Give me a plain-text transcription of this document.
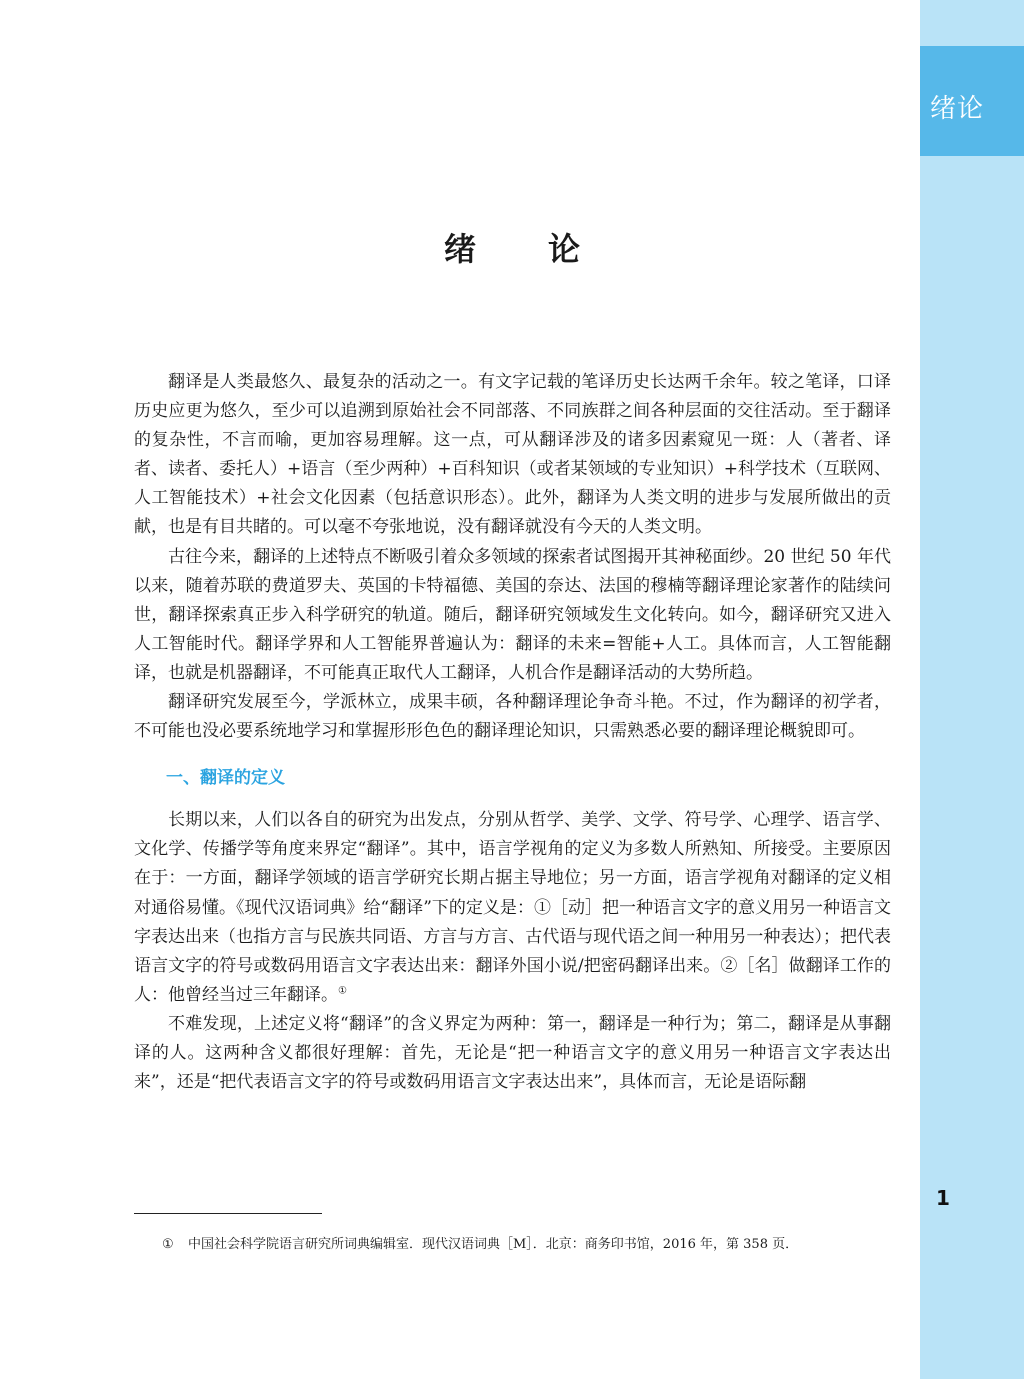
绪论
绪论

翻译是人类最悠久、最复杂的活动之一。有文字记载的笔译历史长达两千余年。较之笔译，口译历史应更为悠久，至少可以追溯到原始社会不同部落、不同族群之间各种层面的交往活动。至于翻译的复杂性，不言而喻，更加容易理解。这一点，可从翻译涉及的诸多因素窥见一斑：人（著者、译者、读者、委托人）+语言（至少两种）+百科知识（或者某领域的专业知识）+科学技术（互联网、人工智能技术）+社会文化因素（包括意识形态）。此外，翻译为人类文明的进步与发展所做出的贡献，也是有目共睹的。可以毫不夸张地说，没有翻译就没有今天的人类文明。

古往今来，翻译的上述特点不断吸引着众多领域的探索者试图揭开其神秘面纱。20 世纪 50 年代以来，随着苏联的费道罗夫、英国的卡特福德、美国的奈达、法国的穆楠等翻译理论家著作的陆续问世，翻译探索真正步入科学研究的轨道。随后，翻译研究领域发生文化转向。如今，翻译研究又进入人工智能时代。翻译学界和人工智能界普遍认为：翻译的未来=智能+人工。具体而言，人工智能翻译，也就是机器翻译，不可能真正取代人工翻译，人机合作是翻译活动的大势所趋。

翻译研究发展至今，学派林立，成果丰硕，各种翻译理论争奇斗艳。不过，作为翻译的初学者，不可能也没必要系统地学习和掌握形形色色的翻译理论知识，只需熟悉必要的翻译理论概貌即可。

一、翻译的定义

长期以来，人们以各自的研究为出发点，分别从哲学、美学、文学、符号学、心理学、语言学、文化学、传播学等角度来界定“翻译”。其中，语言学视角的定义为多数人所熟知、所接受。主要原因在于：一方面，翻译学领域的语言学研究长期占据主导地位；另一方面，语言学视角对翻译的定义相对通俗易懂。《现代汉语词典》给“翻译”下的定义是：①［动］把一种语言文字的意义用另一种语言文字表达出来（也指方言与民族共同语、方言与方言、古代语与现代语之间一种用另一种表达）；把代表语言文字的符号或数码用语言文字表达出来：翻译外国小说/把密码翻译出来。②［名］做翻译工作的人：他曾经当过三年翻译。①

不难发现，上述定义将“翻译”的含义界定为两种：第一，翻译是一种行为；第二，翻译是从事翻译的人。这两种含义都很好理解：首先，无论是“把一种语言文字的意义用另一种语言文字表达出来”，还是“把代表语言文字的符号或数码用语言文字表达出来”，具体而言，无论是语际翻

① 中国社会科学院语言研究所词典编辑室．现代汉语词典［M］．北京：商务印书馆，2016 年，第 358 页．
1
